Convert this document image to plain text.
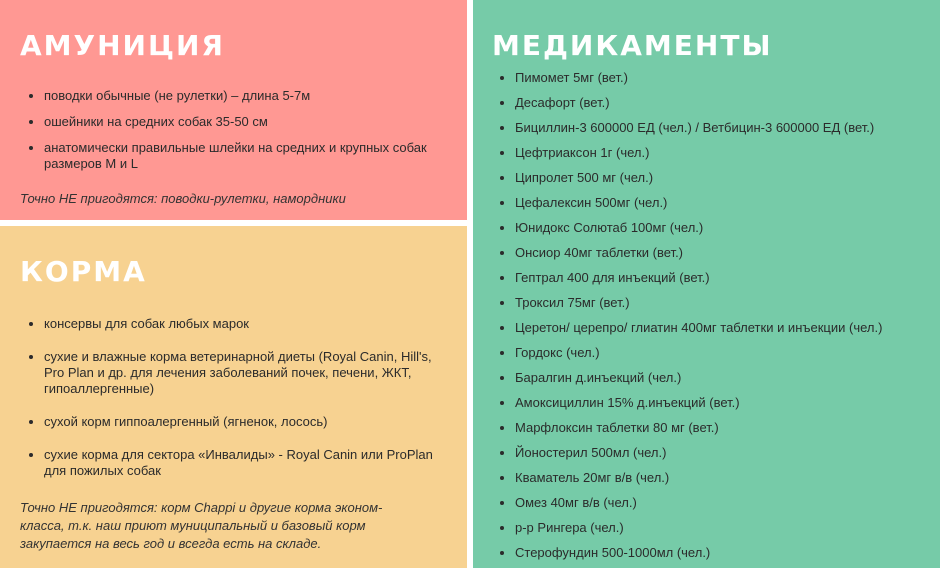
АМУНИЦИЯ
поводки обычные (не рулетки) – длина 5-7м
ошейники на средних собак 35-50 см
анатомически правильные шлейки на средних и крупных собак размеров M и L

Точно НЕ пригодятся: поводки-рулетки, намордники

КОРМА
консервы для собак любых марок
сухие и влажные корма ветеринарной диеты (Royal Canin, Hill's, Pro Plan и др. для лечения заболеваний почек, печени, ЖКТ, гипоаллергенные)
сухой корм гиппоалергенный (ягненок, лосось)
сухие корма для сектора «Инвалиды» - Royal Canin или ProPlan для пожилых собак

Точно НЕ пригодятся: корм Chappi и другие корма эконом-класса, т.к. наш приют муниципальный и базовый корм закупается на весь год и всегда есть на складе.

МЕДИКАМЕНТЫ
Пимомет 5мг (вет.)
Десафорт (вет.)
Бициллин-3 600000 ЕД (чел.) / Ветбицин-3 600000 ЕД (вет.)
Цефтриаксон 1г (чел.)
Ципролет 500 мг (чел.)
Цефалексин 500мг (чел.)
Юнидокс Солютаб 100мг (чел.)
Онсиор 40мг таблетки (вет.)
Гептрал 400 для инъекций (вет.)
Троксил 75мг (вет.)
Церетон/ церепро/ глиатин 400мг таблетки и инъекции (чел.)
Гордокс (чел.)
Баралгин д.инъекций (чел.)
Амоксициллин 15% д.инъекций (вет.)
Марфлоксин таблетки 80 мг (вет.)
Йоностерил 500мл (чел.)
Кваматель 20мг в/в (чел.)
Омез 40мг в/в (чел.)
р-р Рингера (чел.)
Стерофундин 500-1000мл (чел.)
